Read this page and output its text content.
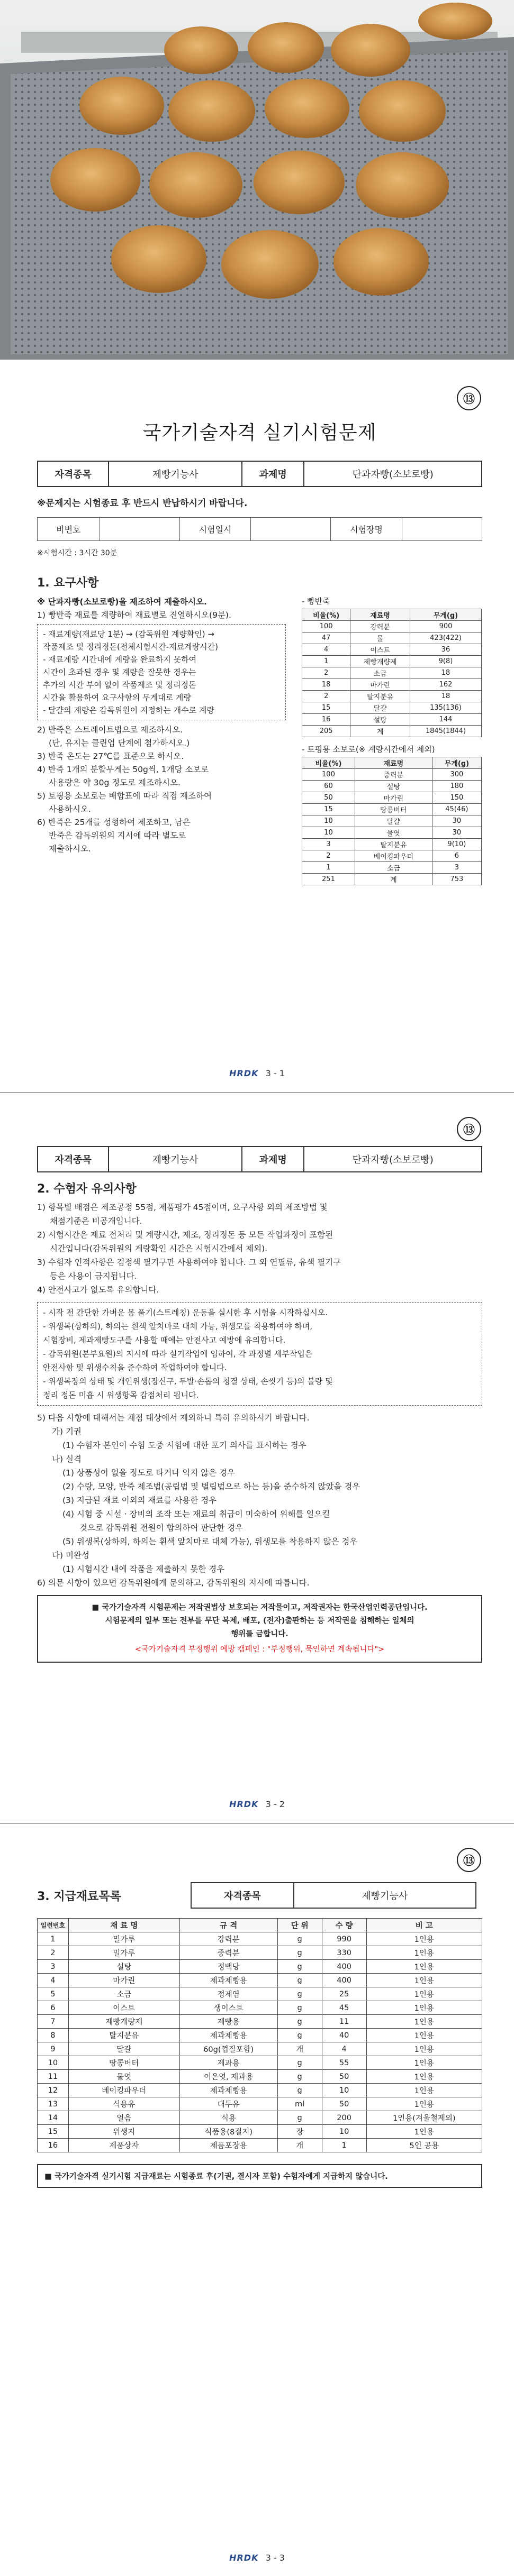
⑬
국가기술자격 실기시험문제
자격종목	제빵기능사	과제명	단과자빵(소보로빵)
※문제지는 시험종료 후 반드시 반납하시기 바랍니다.
비번호		시험일시		시험장명	
※시험시간 : 3시간 30분
1. 요구사항
※ 단과자빵(소보로빵)을 제조하여 제출하시오.
1) 빵반죽 재료를 계량하여 재료별로 진열하시오(9분).
- 재료계량(재료당 1분) → (감독위원 계량확인) →
작품제조 및 정리정돈(전체시험시간-재료계량시간)
- 재료계량 시간내에 계량을 완료하지 못하여
시간이 초과된 경우 및 계량을 잘못한 경우는
추가의 시간 부여 없이 작품제조 및 정리정돈
시간을 활용하여 요구사항의 무게대로 계량
- 달걀의 계량은 감독위원이 지정하는 개수로 계량
2) 반죽은 스트레이트법으로 제조하시오.
(단, 유지는 클린업 단계에 첨가하시오.)
3) 반죽 온도는 27℃를 표준으로 하시오.
4) 반죽 1개의 분할무게는 50g씩, 1개당 소보로
사용량은 약 30g 정도로 제조하시오.
5) 토핑용 소보로는 배합표에 따라 직접 제조하여
사용하시오.
6) 반죽은 25개를 성형하여 제조하고, 남은
반죽은 감독위원의 지시에 따라 별도로
제출하시오.
- 빵반죽
비율(%)	재료명	무게(g)
100	강력분	900
47	물	423(422)
4	이스트	36
1	제빵개량제	9(8)
2	소금	18
18	마가린	162
2	탈지분유	18
15	달걀	135(136)
16	설탕	144
205	계	1845(1844)
- 토핑용 소보로(※ 계량시간에서 제외)
비율(%)	재료명	무게(g)
100	중력분	300
60	설탕	180
50	마가린	150
15	땅콩버터	45(46)
10	달걀	30
10	물엿	30
3	탈지분유	9(10)
2	베이킹파우더	6
1	소금	3
251	계	753
HRDK 3 - 1
⑬
자격종목	제빵기능사	과제명	단과자빵(소보로빵)
2. 수험자 유의사항
1) 항목별 배점은 제조공정 55점, 제품평가 45점이며, 요구사항 외의 제조방법 및
채점기준은 비공개입니다.
2) 시험시간은 재료 전처리 및 계량시간, 제조, 정리정돈 등 모든 작업과정이 포함된
시간입니다(감독위원의 계량확인 시간은 시험시간에서 제외).
3) 수험자 인적사항은 검정색 필기구만 사용하여야 합니다. 그 외 연필류, 유색 필기구
등은 사용이 금지됩니다.
4) 안전사고가 없도록 유의합니다.
- 시작 전 간단한 가벼운 몸 풀기(스트레칭) 운동을 실시한 후 시험을 시작하십시오.
- 위생복(상하의), 하의는 흰색 앞치마로 대체 가능, 위생모를 착용하여야 하며,
시험장비, 제과제빵도구를 사용할 때에는 안전사고 예방에 유의합니다.
- 감독위원(본부요원)의 지시에 따라 실기작업에 임하여, 각 과정별 세부작업은
안전사항 및 위생수칙을 준수하여 작업하여야 합니다.
- 위생복장의 상태 및 개인위생(장신구, 두발·손톱의 청결 상태, 손씻기 등)의 불량 및
정리 정돈 미흡 시 위생항목 감점처리 됩니다.
5) 다음 사항에 대해서는 채점 대상에서 제외하니 특히 유의하시기 바랍니다.
가) 기권
(1) 수험자 본인이 수험 도중 시험에 대한 포기 의사를 표시하는 경우
나) 실격
(1) 상품성이 없을 정도로 타거나 익지 않은 경우
(2) 수량, 모양, 반죽 제조법(공립법 및 별립법으로 하는 등)을 준수하지 않았을 경우
(3) 지급된 재료 이외의 재료를 사용한 경우
(4) 시험 중 시설 · 장비의 조작 또는 재료의 취급이 미숙하여 위해를 일으킬
것으로 감독위원 전원이 합의하여 판단한 경우
(5) 위생복(상하의, 하의는 흰색 앞치마로 대체 가능), 위생모를 착용하지 않은 경우
다) 미완성
(1) 시험시간 내에 작품을 제출하지 못한 경우
6) 의문 사항이 있으면 감독위원에게 문의하고, 감독위원의 지시에 따릅니다.
■ 국가기술자격 시험문제는 저작권법상 보호되는 저작물이고, 저작권자는 한국산업인력공단입니다.
시험문제의 일부 또는 전부를 무단 복제, 배포, (전자)출판하는 등 저작권을 침해하는 일체의
행위를 금합니다.
<국가기술자격 부정행위 예방 캠페인 : "부정행위, 묵인하면 계속됩니다">
HRDK 3 - 2
⑬
3. 지급재료목록	자격종목	제빵기능사
일련번호	재 료 명	규 격	단 위	수 량	비 고
1	밀가루	강력분	g	990	1인용
2	밀가루	중력분	g	330	1인용
3	설탕	정백당	g	400	1인용
4	마가린	제과제빵용	g	400	1인용
5	소금	정제염	g	25	1인용
6	이스트	생이스트	g	45	1인용
7	제빵개량제	제빵용	g	11	1인용
8	탈지분유	제과제빵용	g	40	1인용
9	달걀	60g(껍질포함)	개	4	1인용
10	땅콩버터	제과용	g	55	1인용
11	물엿	이온엿, 제과용	g	50	1인용
12	베이킹파우더	제과제빵용	g	10	1인용
13	식용유	대두유	ml	50	1인용
14	얼음	식용	g	200	1인용(겨울철제외)
15	위생지	식품용(8절지)	장	10	1인용
16	제품상자	제품포장용	개	1	5인 공용
■ 국가기술자격 실기시험 지급재료는 시험종료 후(기권, 결시자 포함) 수험자에게 지급하지 않습니다.
HRDK 3 - 3
